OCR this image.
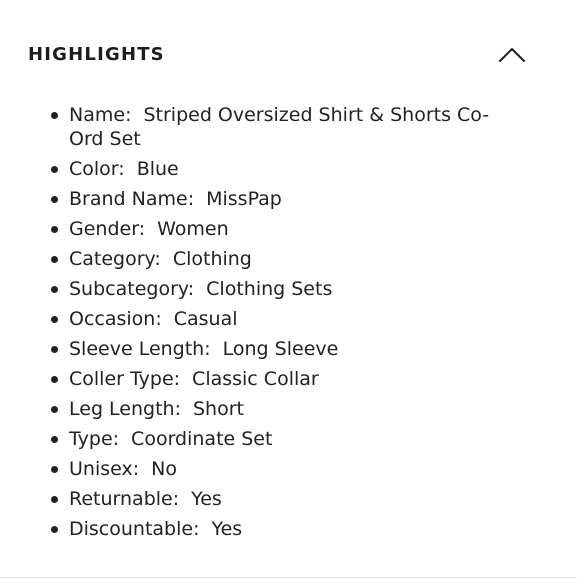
HIGHLIGHTS
Name : Striped Oversized Shirt & Shorts Co-Ord Set
Color : Blue
Brand Name : MissPap
Gender : Women
Category : Clothing
Subcategory : Clothing Sets
Occasion : Casual
Sleeve Length : Long Sleeve
Coller Type : Classic Collar
Leg Length : Short
Type : Coordinate Set
Unisex : No
Returnable : Yes
Discountable : Yes
